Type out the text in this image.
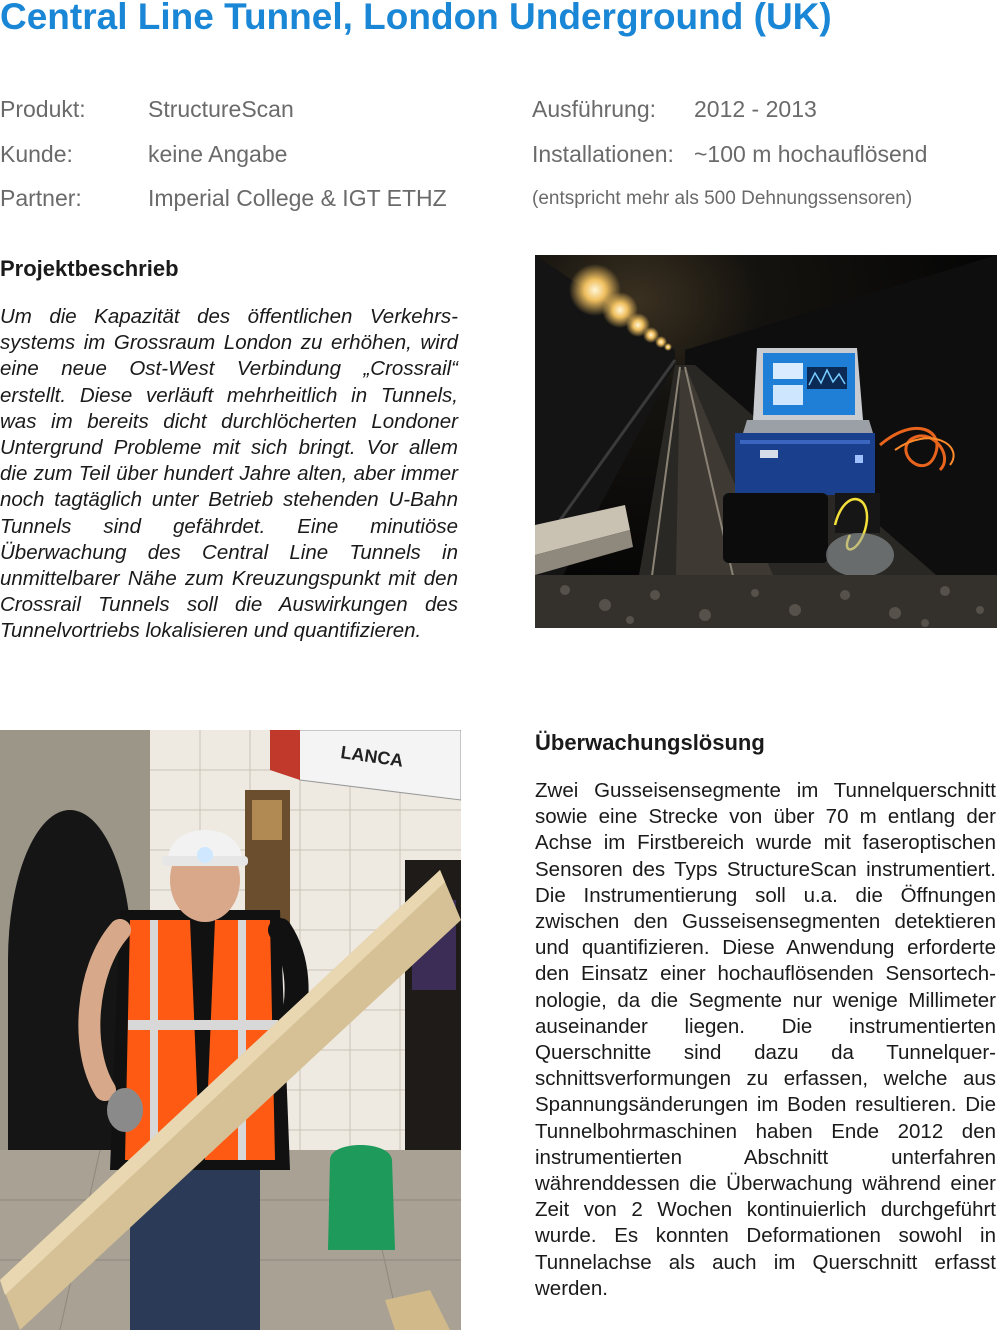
Central Line Tunnel, London Underground (UK)
Produkt:	StructureScan
Kunde:	keine Angabe
Partner:	Imperial College & IGT ETHZ
Ausführung: 2012 - 2013
Installationen: ~100 m hochauflösend
(entspricht mehr als 500 Dehnungssensoren)
Projektbeschrieb

Um die Kapazität des öffentlichen Verkehrssystems im Grossraum London zu erhöhen, wird eine neue Ost-West Verbindung „Crossrail“ erstellt. Diese verläuft mehrheitlich in Tunnels, was im bereits dicht durchlöcherten Londoner Untergrund Probleme mit sich bringt. Vor allem die zum Teil über hundert Jahre alten, aber immer noch tagtäglich unter Betrieb stehenden U-Bahn Tunnels sind gefährdet. Eine minutiöse Überwachung des Central Line Tunnels in unmittelbarer Nähe zum Kreuzungspunkt mit den Crossrail Tunnels soll die Auswirkungen des Tunnelvortriebs lokalisieren und quantifizieren.

LANCA	Überwachungslösung

Zwei Gusseisensegmente im Tunnelquerschnitt sowie eine Strecke von über 70 m entlang der Achse im Firstbereich wurde mit faseroptischen Sensoren des Typs StructureScan instrumentiert. Die Instrumentierung soll u.a. die Öffnungen zwischen den Gusseisensegmenten detektieren und quantifizieren. Diese Anwendung erforderte den Einsatz einer hochauflösenden Sensortechnologie, da die Segmente nur wenige Millimeter auseinander liegen. Die instrumentierten Querschnitte sind dazu da Tunnelquerschnittsverformungen zu erfassen, welche aus Spannungsänderungen im Boden resultieren. Die Tunnelbohrmaschinen haben Ende 2012 den instrumentierten Abschnitt unterfahren währenddessen die Überwachung während einer Zeit von 2 Wochen kontinuierlich durchgeführt wurde. Es konnten Deformationen sowohl in Tunnelachse als auch im Querschnitt erfasst werden.
